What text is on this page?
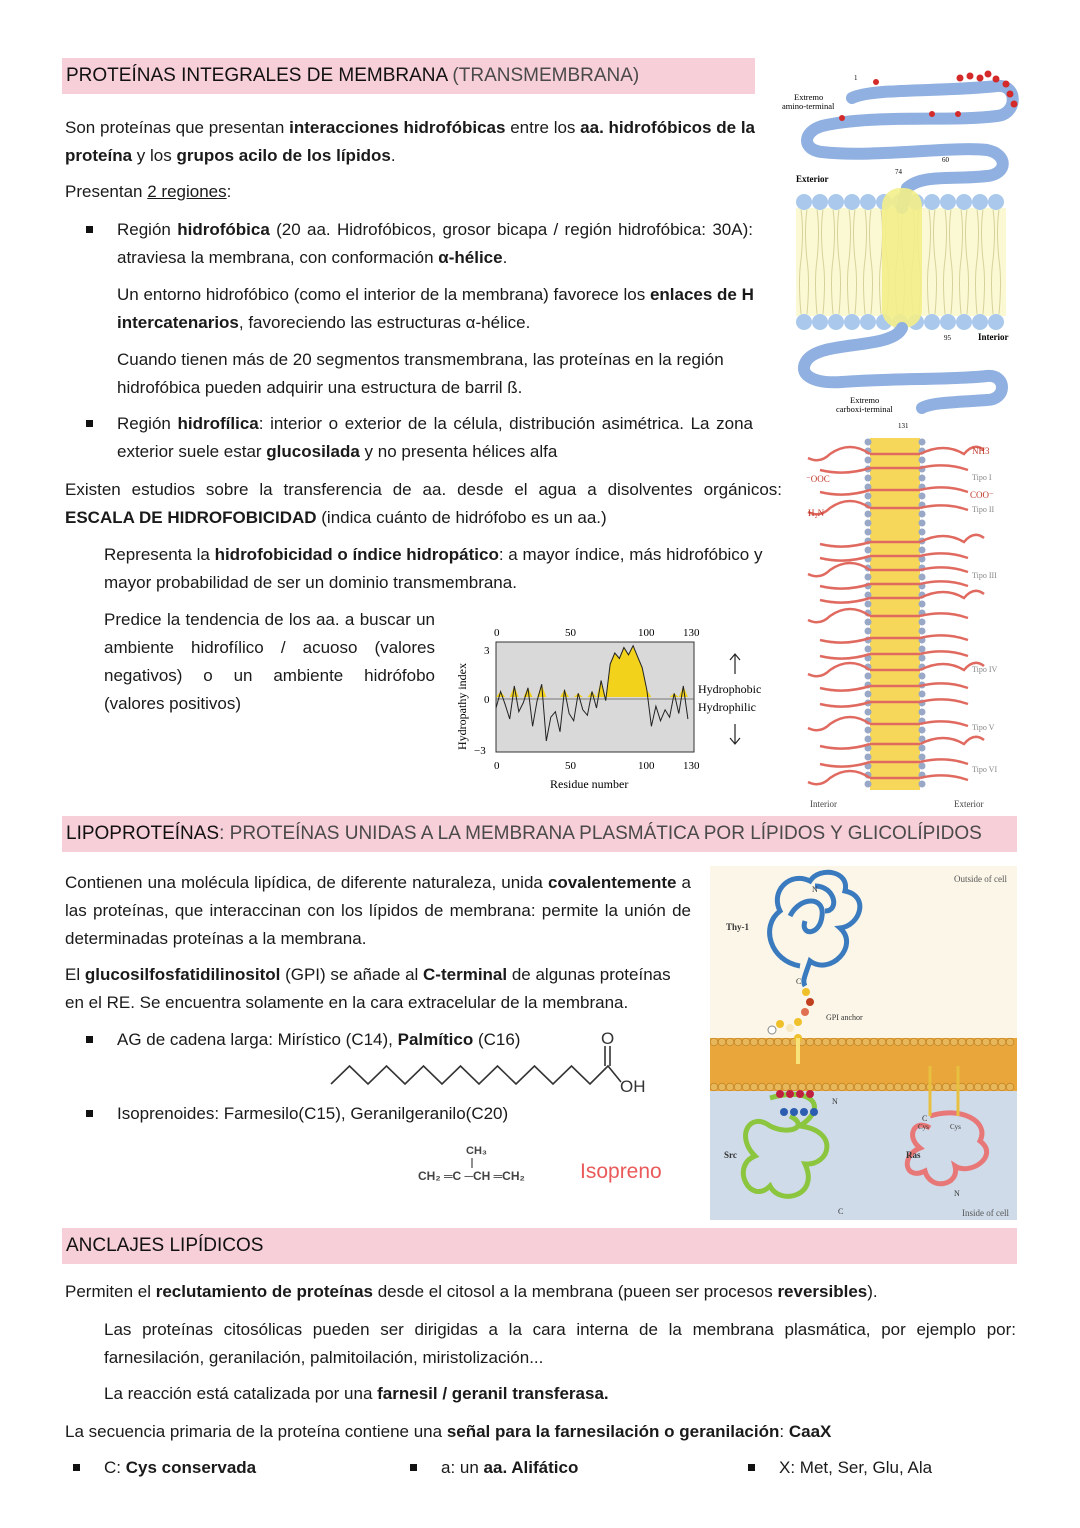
PROTEÍNAS INTEGRALES DE MEMBRANA (TRANSMEMBRANA)
Son proteínas que presentan interacciones hidrofóbicas entre los aa. hidrofóbicos de la proteína y los grupos acilo de los lípidos.
Presentan 2 regiones:
Región hidrofóbica (20 aa. Hidrofóbicos, grosor bicapa / región hidrofóbica: 30A): atraviesa la membrana, con conformación α-hélice.
Un entorno hidrofóbico (como el interior de la membrana) favorece los enlaces de H intercatenarios, favoreciendo las estructuras α-hélice.
Cuando tienen más de 20 segmentos transmembrana, las proteínas en la región hidrofóbica pueden adquirir una estructura de barril ß.
Región hidrofílica: interior o exterior de la célula, distribución asimétrica. La zona exterior suele estar glucosilada y no presenta hélices alfa
Existen estudios sobre la transferencia de aa. desde el agua a disolventes orgánicos: ESCALA DE HIDROFOBICIDAD (indica cuánto de hidrófobo es un aa.)
Representa la hidrofobicidad o índice hidropático: a mayor índice, más hidrofóbico y mayor probabilidad de ser un dominio transmembrana.
Predice la tendencia de los aa. a buscar un ambiente hidrofílico / acuoso (valores negativos) o un ambiente hidrófobo (valores positivos)
0	50	100	130
0	50	100	130
3
0
−3
Residue number
Hydropathy index	Hydrophobic
Hydrophilic
Extremo
amino-terminal
Exterior
Interior
Extremo
carboxi-terminal
1
60
74
95
131
NH3
⁻OOC
COO⁻
H₂N
Tipo I
Tipo II
Tipo III
Tipo IV
Tipo V
Tipo VI
Interior	Exterior
LIPOPROTEÍNAS: PROTEÍNAS UNIDAS A LA MEMBRANA PLASMÁTICA POR LÍPIDOS Y GLICOLÍPIDOS
Contienen una molécula lipídica, de diferente naturaleza, unida covalentemente a las proteínas, que interaccinan con los lípidos de membrana: permite la unión de determinadas proteínas a la membrana.
El glucosilfosfatidilinositol (GPI) se añade al C-terminal de algunas proteínas en el RE. Se encuentra solamente en la cara extracelular de la membrana.
AG de cadena larga: Mirístico (C14), Palmítico (C16)	O
OH
Isoprenoides: Farmesilo(C15), Geranilgeranilo(C20)
CH₃
CH₂ ═C ─CH ═CH₂	Isopreno
Outside of cell
Inside of cell
Thy-1
GPI anchor
Src	Ras
N
C
N
C
C
N
Cys	Cys
ANCLAJES LIPÍDICOS
Permiten el reclutamiento de proteínas desde el citosol a la membrana (pueen ser procesos reversibles).
Las proteínas citosólicas pueden ser dirigidas a la cara interna de la membrana plasmática, por ejemplo por: farnesilación, geranilación, palmitoilación, miristolización...
La reacción está catalizada por una farnesil / geranil transferasa.
La secuencia primaria de la proteína contiene una señal para la farnesilación o geranilación: CaaX
C: Cys conservada	a: un aa. Alifático	X: Met, Ser, Glu, Ala
